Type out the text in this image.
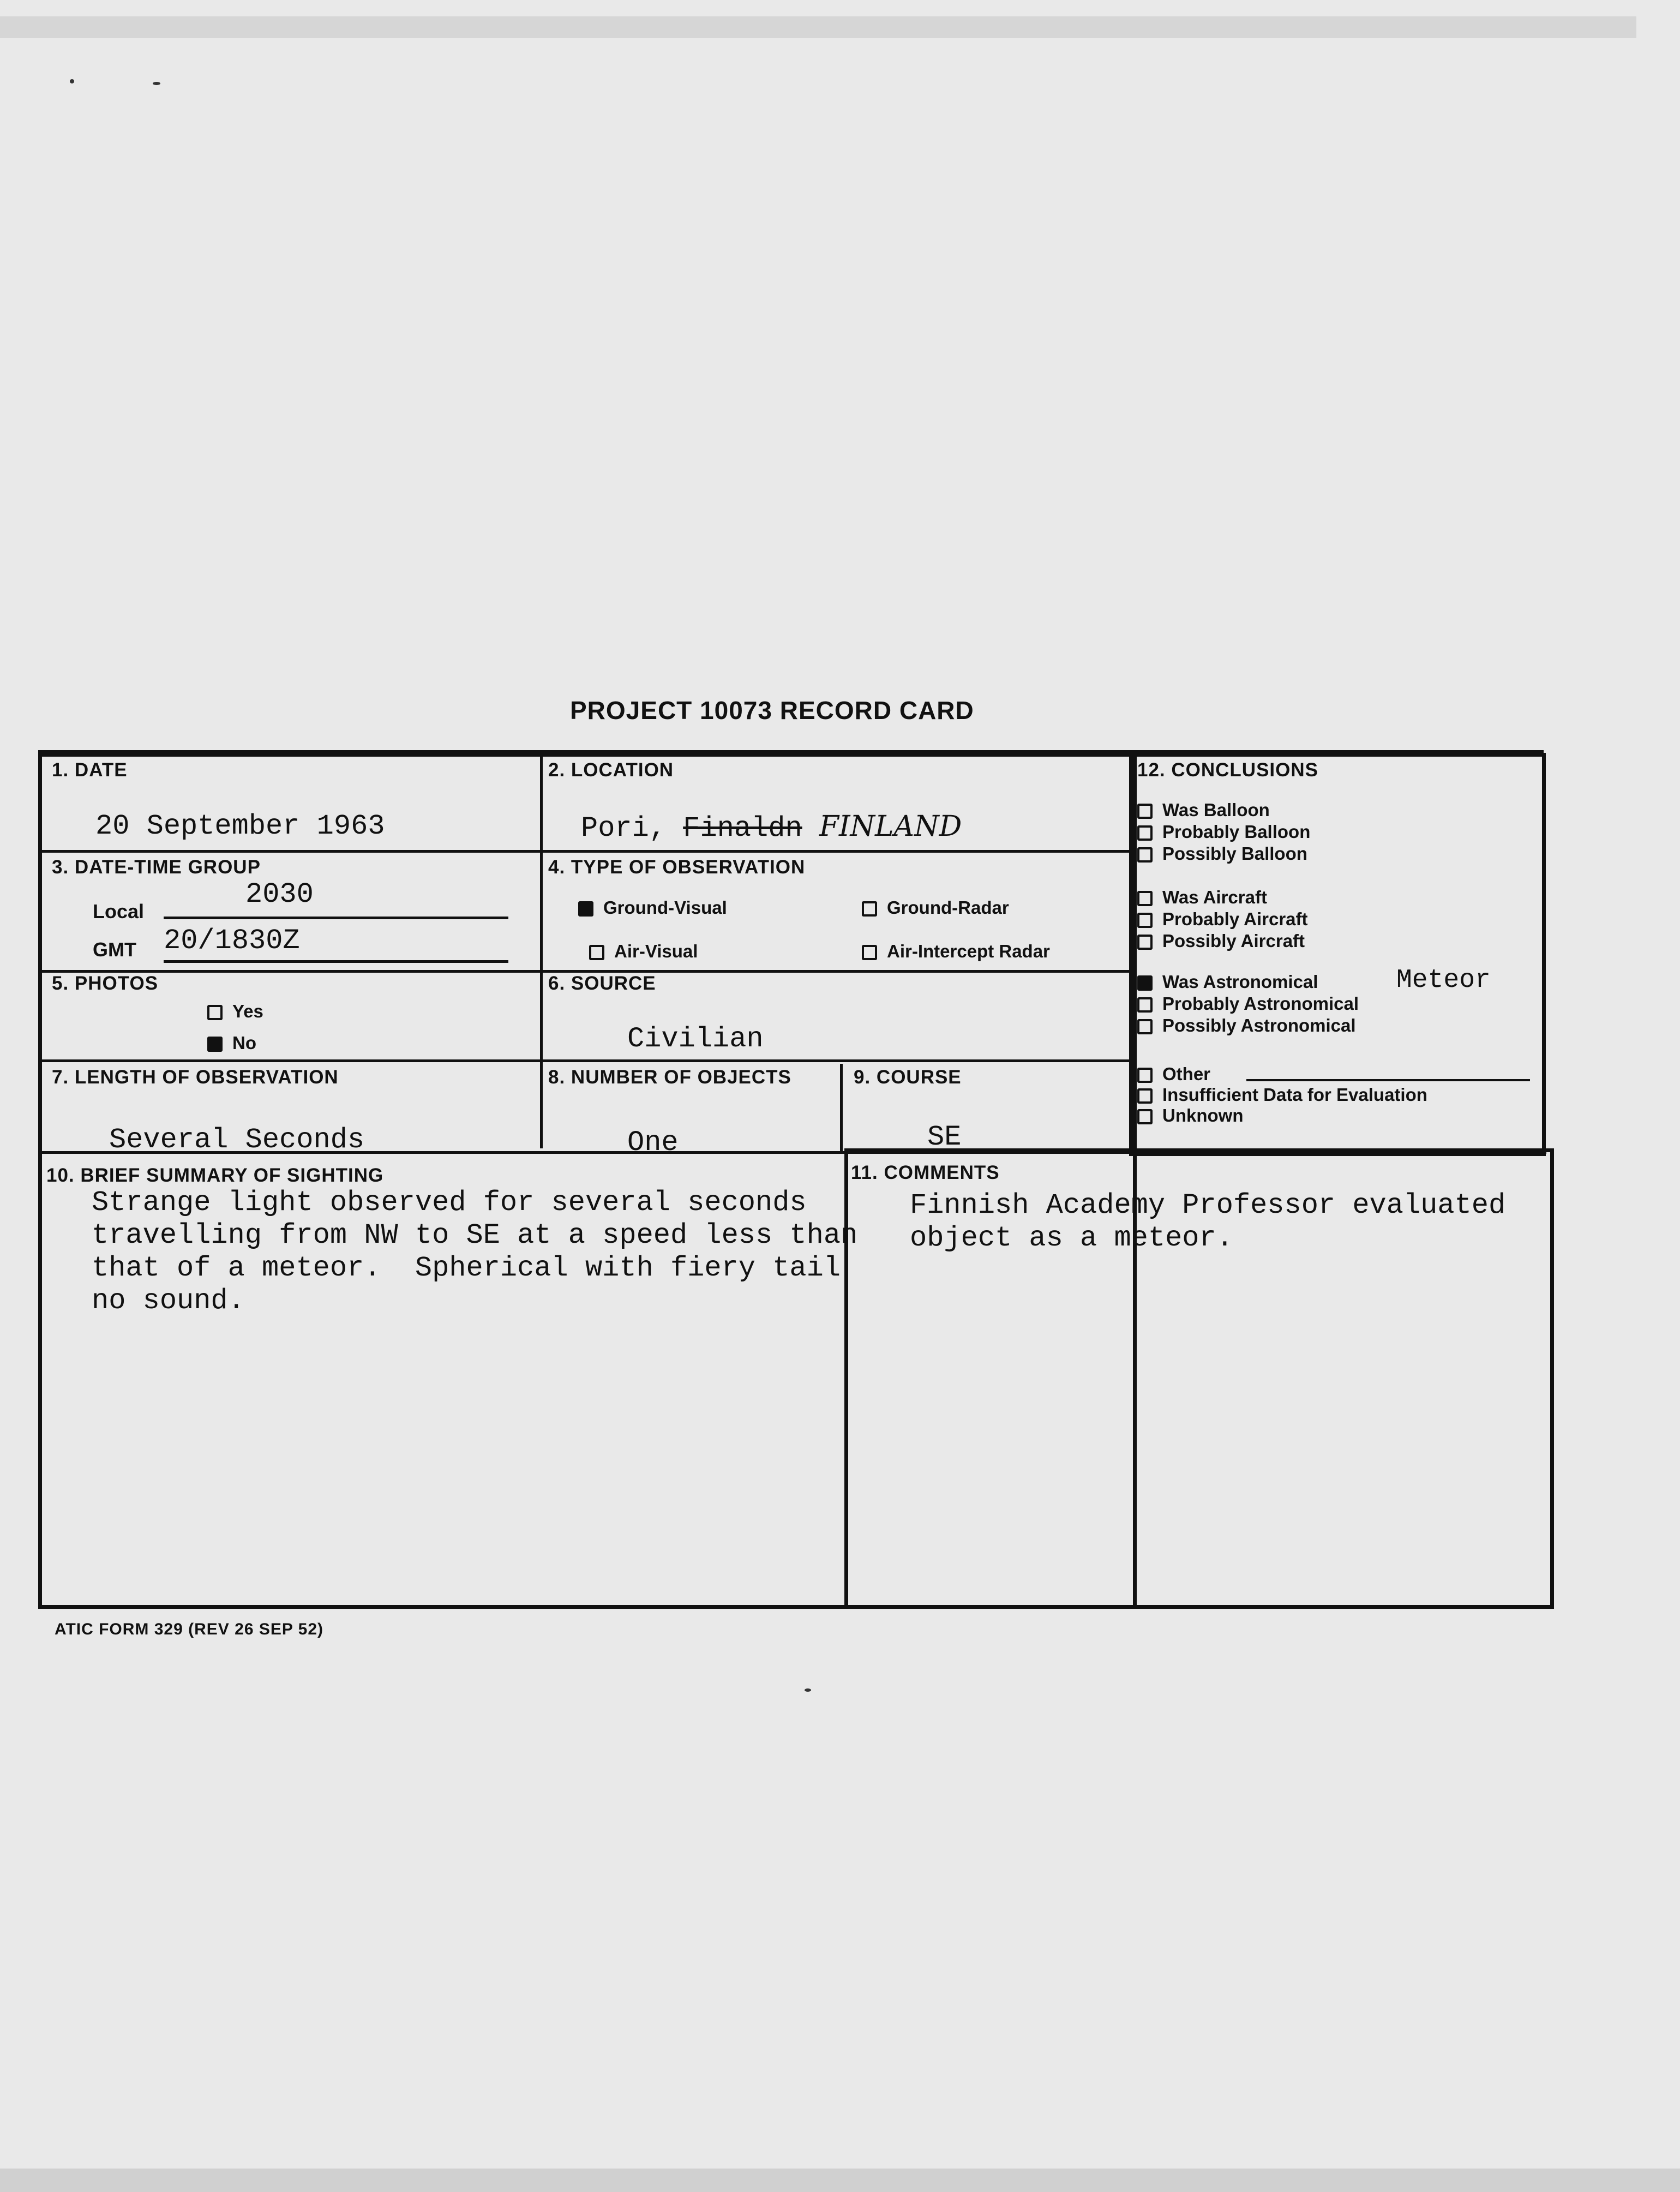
PROJECT 10073 RECORD CARD
1. DATE
20 September 1963
2. LOCATION
Pori, Finaldn FINLAND
3. DATE-TIME GROUP
Local
2030
GMT 20/1830Z
4. TYPE OF OBSERVATION
Ground-Visual	Ground-Radar
Air-Visual	Air-Intercept Radar
5. PHOTOS
Yes
No
6. SOURCE
Civilian
7. LENGTH OF OBSERVATION
Several Seconds
8. NUMBER OF OBJECTS
One
9. COURSE
SE
10. BRIEF SUMMARY OF SIGHTING
Strange light observed for several seconds
travelling from NW to SE at a speed less than
that of a meteor.  Spherical with fiery tail
no sound.
11. COMMENTS
Finnish Academy Professor evaluated
object as a meteor.
12. CONCLUSIONS
Was Balloon
Probably Balloon
Possibly Balloon
Was Aircraft
Probably Aircraft
Possibly Aircraft
Was Astronomical
Probably Astronomical
Possibly Astronomical
Meteor
Other
Insufficient Data for Evaluation
Unknown
ATIC FORM 329 (REV 26 SEP 52)
